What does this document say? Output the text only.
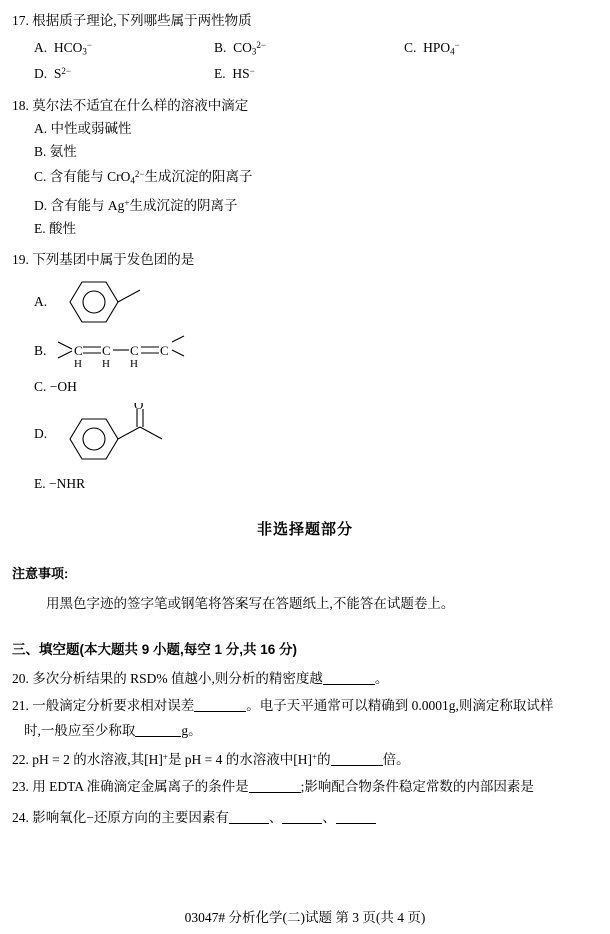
17. 根据质子理论,下列哪些属于两性物质
A.  $HCO_3^-$	B.  $CO_3^{2-}$	C.  $HPO_4^-$
D.  $S^{2-}$	E.  HS−
18. 莫尔法不适宜在什么样的溶液中滴定
A. 中性或弱碱性
B. 氨性
C. 含有能与 CrO$_4^{2-}$生成沉淀的阳离子
D. 含有能与 Ag+生成沉淀的阴离子
E. 酸性
19. 下列基团中属于发色团的是
A.
B. C C C C
H H H
C. −OH
D.
O
E. −NHR
非选择题部分
注意事项:
用黑色字迹的签字笔或钢笔将答案写在答题纸上,不能答在试题卷上。
三、填空题(本大题共 9 小题,每空 1 分,共 16 分)
20. 多次分析结果的 RSD% 值越小,则分析的精密度越	。
21. 一般滴定分析要求相对误差	。电子天平通常可以精确到 0.0001g,则滴定称取试样
时,一般应至少称取	g。
22. pH = 2 的水溶液,其[H]+是 pH = 4 的水溶液中[H]+的	倍。
23. 用 EDTA 准确滴定金属离子的条件是	;影响配合物条件稳定常数的内部因素是
24. 影响氧化−还原方向的主要因素有	、	、
03047# 分析化学(二)试题 第 3 页(共 4 页)
